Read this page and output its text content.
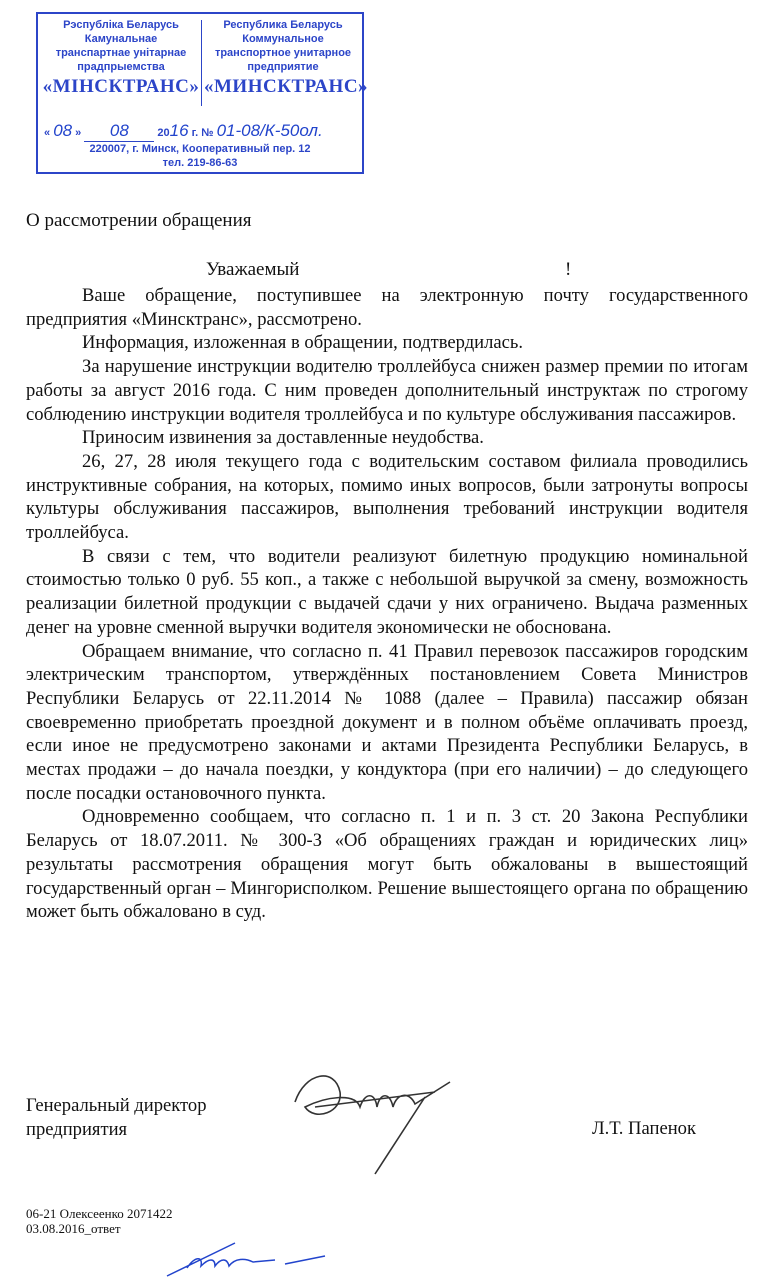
Рэспубліка Беларусь
Камунальнае
транспартнае унітарнае
прадпрыемства
«МІНСКТРАНС»
Республика Беларусь
Коммунальное
транспортное унитарное
предприятие
«МИНСКТРАНС»
« 08 » 08	2016 г. № 01-08/К-50ол.
220007, г. Минск, Кооперативный пер. 12
тел. 219-86-63
О рассмотрении обращения
Уважаемый	!

Ваше обращение, поступившее на электронную почту государственного предприятия «Минсктранс», рассмотрено.

Информация, изложенная в обращении, подтвердилась.

За нарушение инструкции водителю троллейбуса снижен размер премии по итогам работы за август 2016 года. С ним проведен дополнительный инструктаж по строгому соблюдению инструкции водителя троллейбуса и по культуре обслуживания пассажиров.

Приносим извинения за доставленные неудобства.

26, 27, 28 июля текущего года с водительским составом филиала проводились инструктивные собрания, на которых, помимо иных вопросов, были затронуты вопросы культуры обслуживания пассажиров, выполнения требований инструкции водителя троллейбуса.

В связи с тем, что водители реализуют билетную продукцию номинальной стоимостью только 0 руб. 55 коп., а также с небольшой выручкой за смену, возможность реализации билетной продукции с выдачей сдачи у них ограничено. Выдача разменных денег на уровне сменной выручки водителя экономически не обоснована.

Обращаем внимание, что согласно п. 41 Правил перевозок пассажиров городским электрическим транспортом, утверждённых постановлением Совета Министров Республики Беларусь от 22.11.2014 № 1088 (далее – Правила) пассажир обязан своевременно приобретать проездной документ и в полном объёме оплачивать проезд, если иное не предусмотрено законами и актами Президента Республики Беларусь, в местах продажи – до начала поездки, у кондуктора (при его наличии) – до следующего после посадки остановочного пункта.

Одновременно сообщаем, что согласно п. 1 и п. 3 ст. 20 Закона Республики Беларусь от 18.07.2011. № 300-З «Об обращениях граждан и юридических лиц» результаты рассмотрения обращения могут быть обжалованы в вышестоящий государственный орган – Мингорисполком. Решение вышестоящего органа по обращению может быть обжаловано в суд.

Генеральный директор
предприятия	Л.Т. Папенок
06-21 Олексеенко 2071422
03.08.2016_ответ
